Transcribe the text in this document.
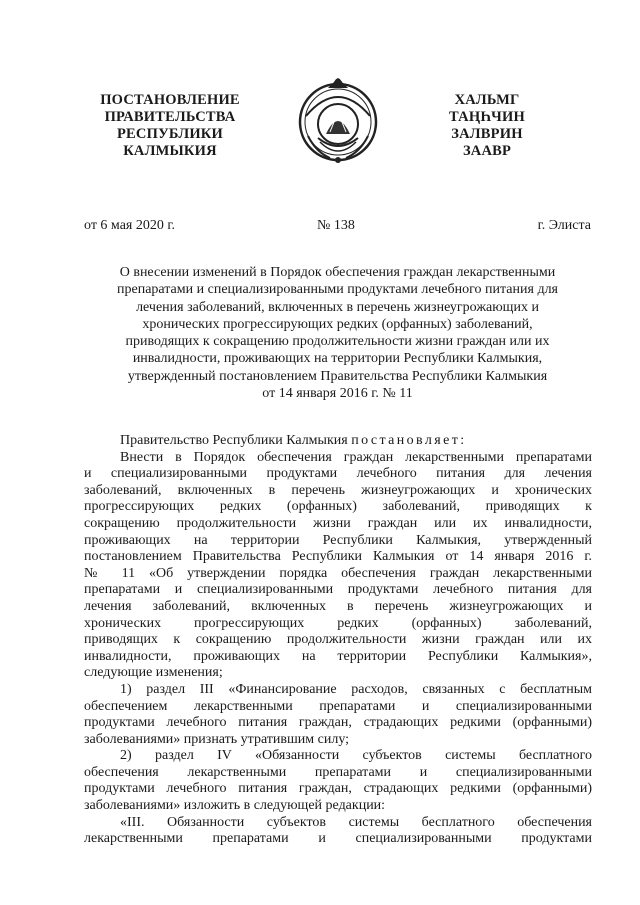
ПОСТАНОВЛЕНИЕ
ПРАВИТЕЛЬСТВА
РЕСПУБЛИКИ
КАЛМЫКИЯ
ХАЛЬМГ
ТАҢҺЧИН
ЗАЛВРИН
ЗААВР
от 6 мая 2020 г.	№ 138	г. Элиста
О внесении изменений в Порядок обеспечения граждан лекарственными
препаратами и специализированными продуктами лечебного питания для
лечения заболеваний, включенных в перечень жизнеугрожающих и
хронических прогрессирующих редких (орфанных) заболеваний,
приводящих к сокращению продолжительности жизни граждан или их
инвалидности, проживающих на территории Республики Калмыкия,
утвержденный постановлением Правительства Республики Калмыкия
от 14 января 2016 г. № 11
Правительство Республики Калмыкия постановляет:
Внести в Порядок обеспечения граждан лекарственными препаратами
и специализированными продуктами лечебного питания для лечения
заболеваний, включенных в перечень жизнеугрожающих и хронических
прогрессирующих редких (орфанных) заболеваний, приводящих к
сокращению продолжительности жизни граждан или их инвалидности,
проживающих на территории Республики Калмыкия, утвержденный
постановлением Правительства Республики Калмыкия от 14 января 2016 г.
№ 11 «Об утверждении порядка обеспечения граждан лекарственными
препаратами и специализированными продуктами лечебного питания для
лечения заболеваний, включенных в перечень жизнеугрожающих и
хронических прогрессирующих редких (орфанных) заболеваний,
приводящих к сокращению продолжительности жизни граждан или их
инвалидности, проживающих на территории Республики Калмыкия»,
следующие изменения;
1) раздел III «Финансирование расходов, связанных с бесплатным
обеспечением лекарственными препаратами и специализированными
продуктами лечебного питания граждан, страдающих редкими (орфанными)
заболеваниями» признать утратившим силу;
2) раздел IV «Обязанности субъектов системы бесплатного
обеспечения лекарственными препаратами и специализированными
продуктами лечебного питания граждан, страдающих редкими (орфанными)
заболеваниями» изложить в следующей редакции:
«III. Обязанности субъектов системы бесплатного обеспечения
лекарственными препаратами и специализированными продуктами
